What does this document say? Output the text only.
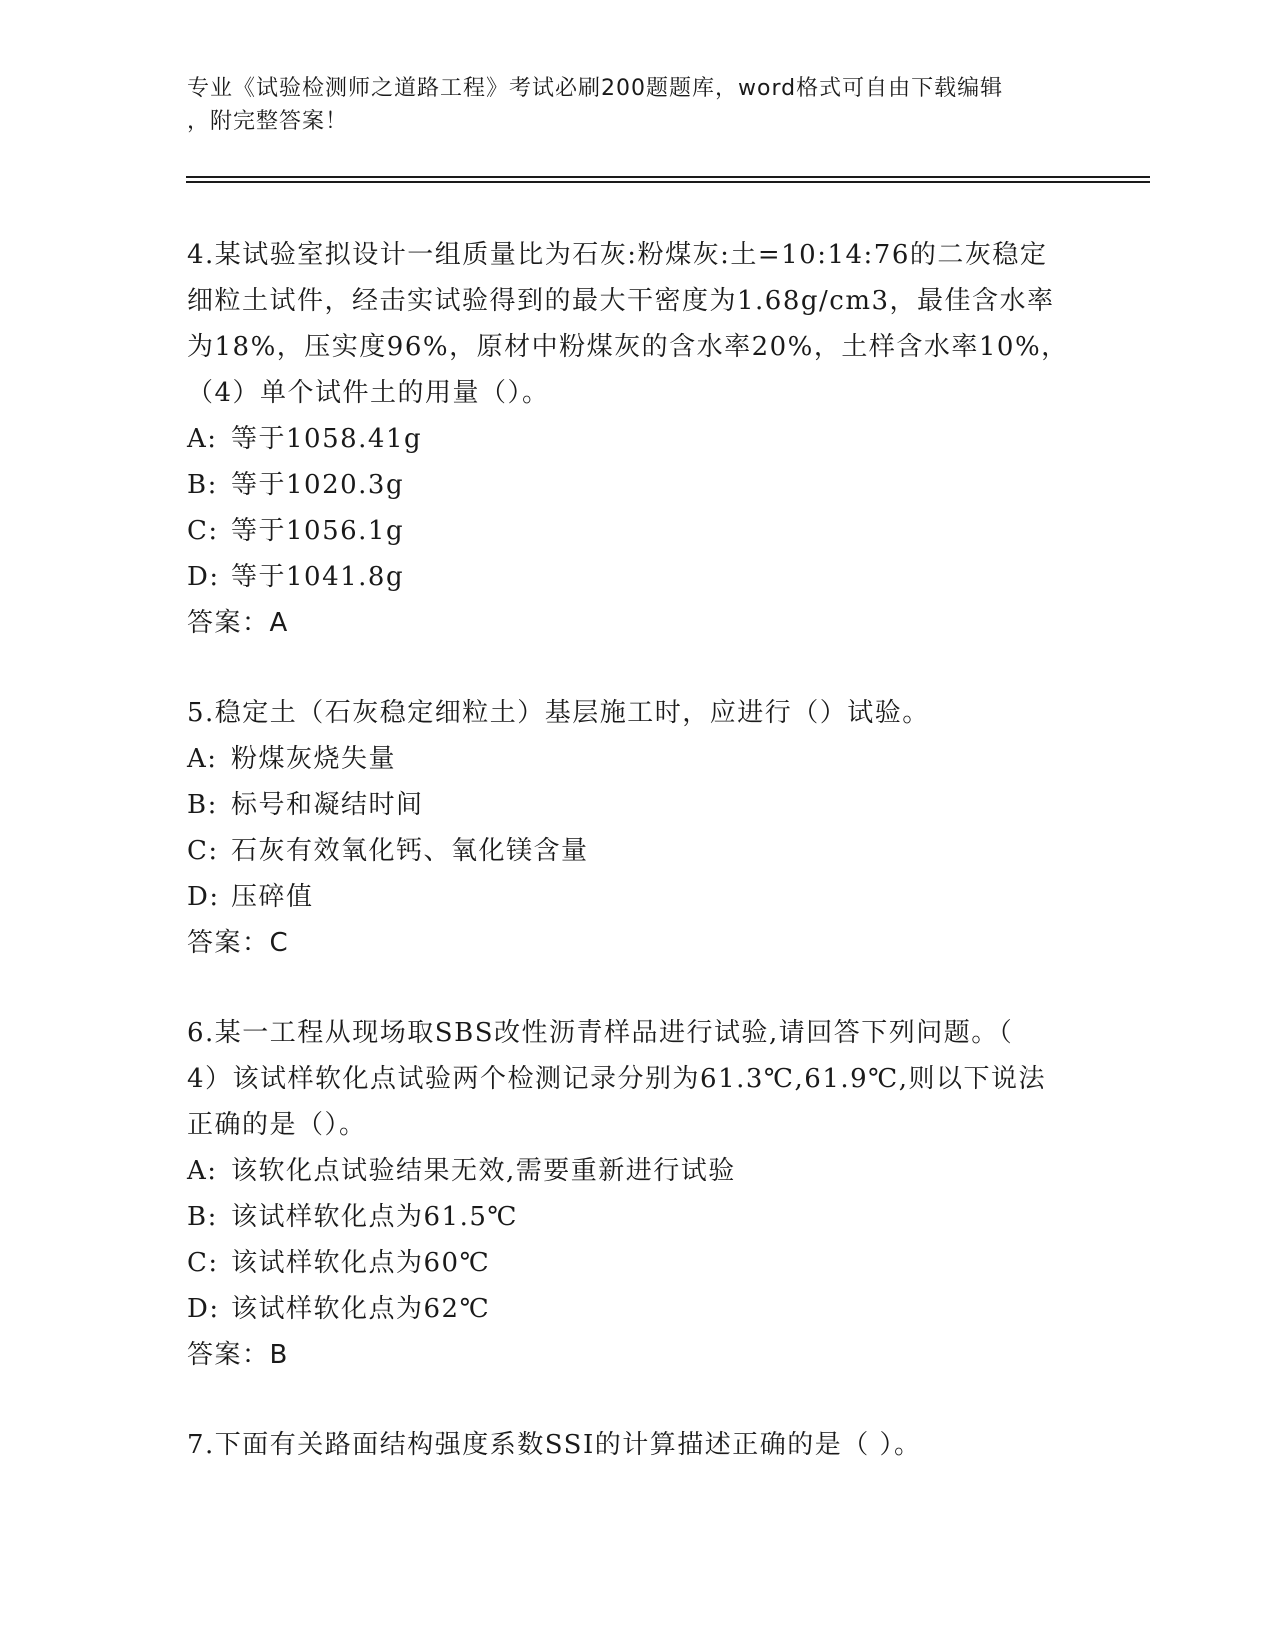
专业《试验检测师之道路工程》考试必刷200题题库，word格式可自由下载编辑
，附完整答案！

4.某试验室拟设计一组质量比为石灰:粉煤灰:土=10:14:76的二灰稳定

细粒土试件，经击实试验得到的最大干密度为1.68g/cm3，最佳含水率

为18%，压实度96%，原材中粉煤灰的含水率20%，土样含水率10%，

（4）单个试件土的用量（）。

A: 等于1058.41g

B: 等于1020.3g

C: 等于1056.1g

D: 等于1041.8g

答案：A

5.稳定土（石灰稳定细粒土）基层施工时，应进行（）试验。

A: 粉煤灰烧失量

B: 标号和凝结时间

C: 石灰有效氧化钙、氧化镁含量

D: 压碎值

答案：C

6.某一工程从现场取SBS改性沥青样品进行试验,请回答下列问题。（

4）该试样软化点试验两个检测记录分别为61.3℃,61.9℃,则以下说法

正确的是（）。

A: 该软化点试验结果无效,需要重新进行试验

B: 该试样软化点为61.5℃

C: 该试样软化点为60℃

D: 该试样软化点为62℃

答案：B

7.下面有关路面结构强度系数SSI的计算描述正确的是（ ）。
